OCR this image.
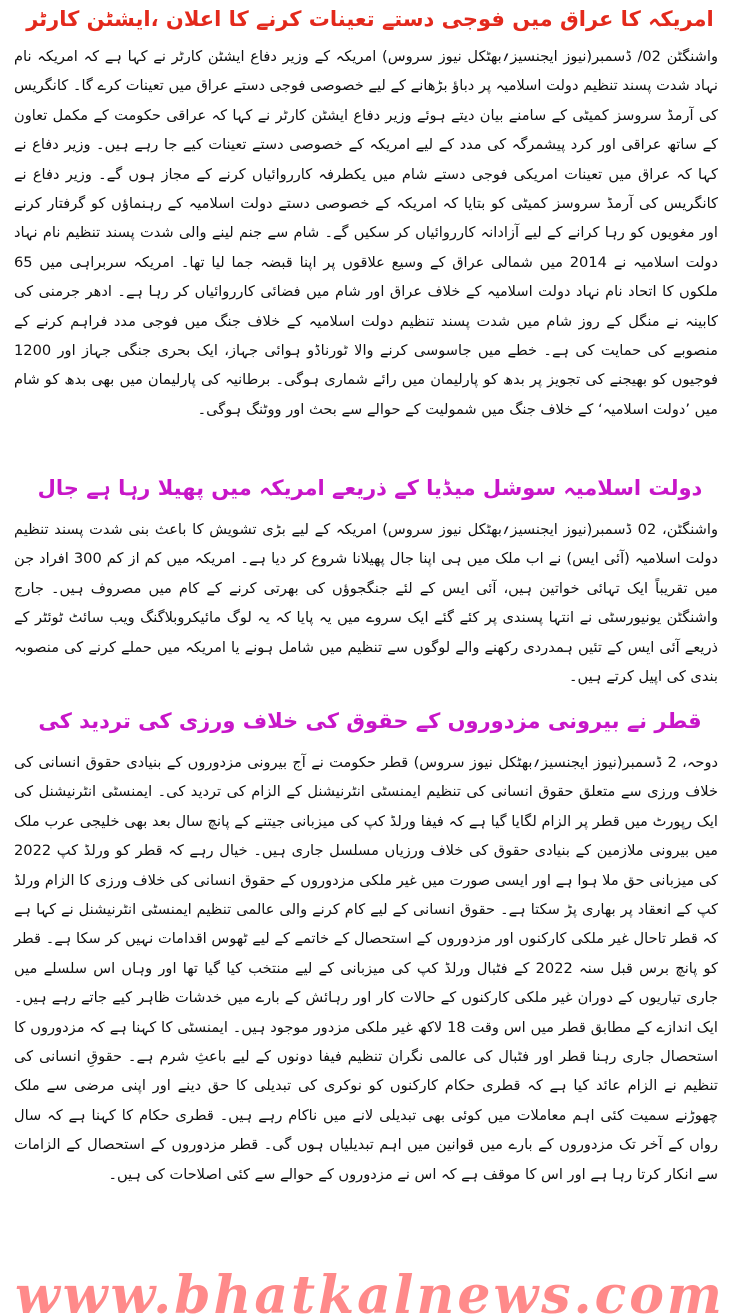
امریکہ کا عراق میں فوجی دستے تعینات کرنے کا اعلان ،ایشٹن کارٹر

واشنگٹن 02/ ڈسمبر(نیوز ایجنسیز؍بھٹکل نیوز سروس) امریکہ کے وزیر دفاع ایشٹن کارٹر نے کہا ہے کہ امریکہ نام نہاد شدت پسند تنظیم دولت اسلامیہ پر دباؤ بڑھانے کے لیے خصوصی فوجی دستے عراق میں تعینات کرے گا۔ کانگریس کی آرمڈ سروسز کمیٹی کے سامنے بیان دیتے ہوئے وزیر دفاع ایشٹن کارٹر نے کہا کہ عراقی حکومت کے مکمل تعاون کے ساتھ عراقی اور کرد پیشمرگہ کی مدد کے لیے امریکہ کے خصوصی دستے تعینات کیے جا رہے ہیں۔ وزیر دفاع نے کہا کہ عراق میں تعینات امریکی فوجی دستے شام میں یکطرفہ کارروائیاں کرنے کے مجاز ہوں گے۔ وزیر دفاع نے کانگریس کی آرمڈ سروسز کمیٹی کو بتایا کہ امریکہ کے خصوصی دستے دولت اسلامیہ کے رہنماؤں کو گرفتار کرنے اور مغویوں کو رہا کرانے کے لیے آزادانہ کارروائیاں کر سکیں گے۔ شام سے جنم لینے والی شدت پسند تنظیم نام نہاد دولت اسلامیہ نے 2014 میں شمالی عراق کے وسیع علاقوں پر اپنا قبضہ جما لیا تھا۔ امریکہ سربراہی میں 65 ملکوں کا اتحاد نام نہاد دولت اسلامیہ کے خلاف عراق اور شام میں فضائی کارروائیاں کر رہا ہے۔ ادھر جرمنی کی کابینہ نے منگل کے روز شام میں شدت پسند تنظیم دولت اسلامیہ کے خلاف جنگ میں فوجی مدد فراہم کرنے کے منصوبے کی حمایت کی ہے۔ خطے میں جاسوسی کرنے والا ٹورناڈو ہوائی جہاز، ایک بحری جنگی جہاز اور 1200 فوجیوں کو بھیجنے کی تجویز پر بدھ کو پارلیمان میں رائے شماری ہوگی۔ برطانیہ کی پارلیمان میں بھی بدھ کو شام میں ’دولت اسلامیہ‘ کے خلاف جنگ میں شمولیت کے حوالے سے بحث اور ووٹنگ ہوگی۔

دولت اسلامیہ سوشل میڈیا کے ذریعے امریکہ میں پھیلا رہا ہے جال

واشنگٹن، 02 ڈسمبر(نیوز ایجنسیز؍بھٹکل نیوز سروس) امریکہ کے لیے بڑی تشویش کا باعث بنی شدت پسند تنظیم دولت اسلامیہ (آئی ایس) نے اب ملک میں ہی اپنا جال پھیلانا شروع کر دیا ہے۔ امریکہ میں کم از کم 300 افراد جن میں تقریباً ایک تہائی خواتین ہیں، آئی ایس کے لئے جنگجوؤں کی بھرتی کرنے کے کام میں مصروف ہیں۔ جارج واشنگٹن یونیورسٹی نے انتہا پسندی پر کئے گئے ایک سروے میں یہ پایا کہ یہ لوگ مائیکروبلاگنگ ویب سائٹ ٹوئٹر کے ذریعے آئی ایس کے تئیں ہمدردی رکھنے والے لوگوں سے تنظیم میں شامل ہونے یا امریکہ میں حملے کرنے کی منصوبہ بندی کی اپیل کرتے ہیں۔

قطر نے بیرونی مزدوروں کے حقوق کی خلاف ورزی کی تردید کی

دوحہ، 2 ڈسمبر(نیوز ایجنسیز؍بھٹکل نیوز سروس) قطر حکومت نے آج بیرونی مزدوروں کے بنیادی حقوق انسانی کی خلاف ورزی سے متعلق حقوق انسانی کی تنظیم ایمنسٹی انٹرنیشنل کے الزام کی تردید کی۔ ایمنسٹی انٹرنیشنل کی ایک رپورٹ میں قطر پر الزام لگایا گیا ہے کہ فیفا ورلڈ کپ کی میزبانی جیتنے کے پانچ سال بعد بھی خلیجی عرب ملک میں بیرونی ملازمین کے بنیادی حقوق کی خلاف ورزیاں مسلسل جاری ہیں۔ خیال رہے کہ قطر کو ورلڈ کپ 2022 کی میزبانی حق ملا ہوا ہے اور ایسی صورت میں غیر ملکی مزدوروں کے حقوق انسانی کی خلاف ورزی کا الزام ورلڈ کپ کے انعقاد پر بھاری پڑ سکتا ہے۔ حقوق انسانی کے لیے کام کرنے والی عالمی تنظیم ایمنسٹی انٹرنیشنل نے کہا ہے کہ قطر تاحال غیر ملکی کارکنوں اور مزدوروں کے استحصال کے خاتمے کے لیے ٹھوس اقدامات نہیں کر سکا ہے۔ قطر کو پانچ برس قبل سنہ 2022 کے فٹبال ورلڈ کپ کی میزبانی کے لیے منتخب کیا گیا تھا اور وہاں اس سلسلے میں جاری تیاریوں کے دوران غیر ملکی کارکنوں کے حالات کار اور رہائش کے بارے میں خدشات ظاہر کیے جاتے رہے ہیں۔ ایک اندازے کے مطابق قطر میں اس وقت 18 لاکھ غیر ملکی مزدور موجود ہیں۔ ایمنسٹی کا کہنا ہے کہ مزدوروں کا استحصال جاری رہنا قطر اور فٹبال کی عالمی نگران تنظیم فیفا دونوں کے لیے باعثِ شرم ہے۔ حقوقِ انسانی کی تنظیم نے الزام عائد کیا ہے کہ قطری حکام کارکنوں کو نوکری کی تبدیلی کا حق دینے اور اپنی مرضی سے ملک چھوڑنے سمیت کئی اہم معاملات میں کوئی بھی تبدیلی لانے میں ناکام رہے ہیں۔ قطری حکام کا کہنا ہے کہ سال رواں کے آخر تک مزدوروں کے بارے میں قوانین میں اہم تبدیلیاں ہوں گی۔ قطر مزدوروں کے استحصال کے الزامات سے انکار کرتا رہا ہے اور اس کا موقف ہے کہ اس نے مزدوروں کے حوالے سے کئی اصلاحات کی ہیں۔

www.bhatkalnews.com
